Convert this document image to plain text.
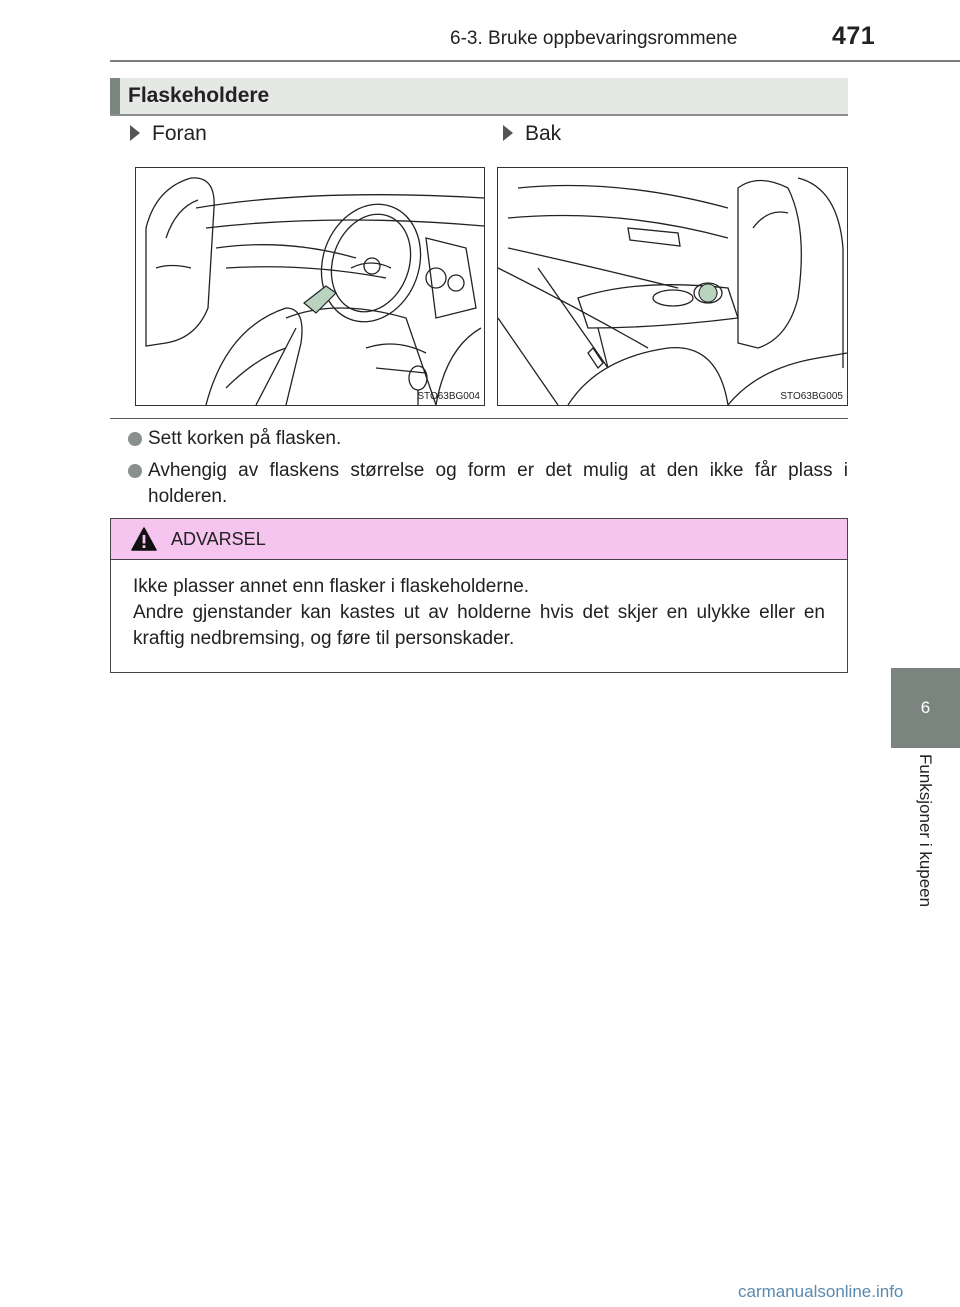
6-3. Bruke oppbevaringsrommene	471
6
Funksjoner i kupeen
Flaskeholdere
Foran	Bak
STO63BG004	STO63BG005
Sett korken på flasken.
Avhengig av flaskens størrelse og form er det mulig at den ikke får plass i holderen.
ADVARSEL

Ikke plasser annet enn flasker i flaskeholderne.

Andre gjenstander kan kastes ut av holderne hvis det skjer en ulykke eller en kraftig nedbremsing, og føre til personskader.

carmanualsonline.info
